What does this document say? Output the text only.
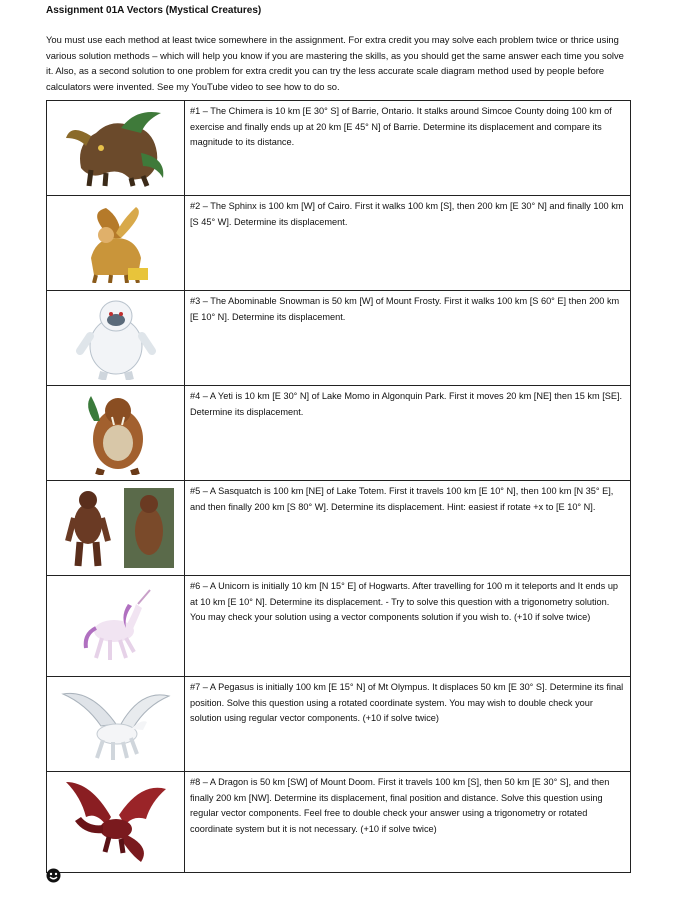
Assignment 01A Vectors (Mystical Creatures)
You must use each method at least twice somewhere in the assignment. For extra credit you may solve each problem twice or thrice using various solution methods – which will help you know if you are mastering the skills, as you should get the same answer each time you solve it. Also, as a second solution to one problem for extra credit you can try the less accurate scale diagram method used by people before calculators were invented. See my YouTube video to see how to do so.
	#1 – The Chimera is 10 km [E 30° S] of Barrie, Ontario. It stalks around Simcoe County doing 100 km of exercise and finally ends up at 20 km [E 45° N] of Barrie. Determine its displacement and compare its magnitude to its distance.

	#2 – The Sphinx is 100 km [W] of Cairo. First it walks 100 km [S], then 200 km [E 30° N] and finally 100 km [S 45° W]. Determine its displacement.

	#3 – The Abominable Snowman is 50 km [W] of Mount Frosty. First it walks 100 km [S 60° E] then 200 km [E 10° N]. Determine its displacement.

	#4 – A Yeti is 10 km [E 30° N] of Lake Momo in Algonquin Park. First it moves 20 km [NE] then 15 km [SE]. Determine its displacement.

	#5 – A Sasquatch is 100 km [NE] of Lake Totem. First it travels 100 km [E 10° N], then 100 km [N 35° E], and then finally 200 km [S 80° W]. Determine its displacement. Hint: easiest if rotate +x to [E 10° N].

	#6 – A Unicorn is initially 10 km [N 15° E] of Hogwarts. After travelling for 100 m it teleports and It ends up at 10 km [E 10° N]. Determine its displacement. - Try to solve this question with a trigonometry solution. You may check your solution using a vector components solution if you wish to. (+10 if solve twice)

	#7 – A Pegasus is initially 100 km [E 15° N] of Mt Olympus. It displaces 50 km [E 30° S]. Determine its final position. Solve this question using a rotated coordinate system. You may wish to double check your solution using regular vector components. (+10 if solve twice)

	#8 – A Dragon is 50 km [SW] of Mount Doom. First it travels 100 km [S], then 50 km [E 30° S], and then finally 200 km [NW]. Determine its displacement, final position and distance. Solve this question using regular vector components. Feel free to double check your answer using a trigonometry or rotated coordinate system but it is not necessary. (+10 if solve twice)
